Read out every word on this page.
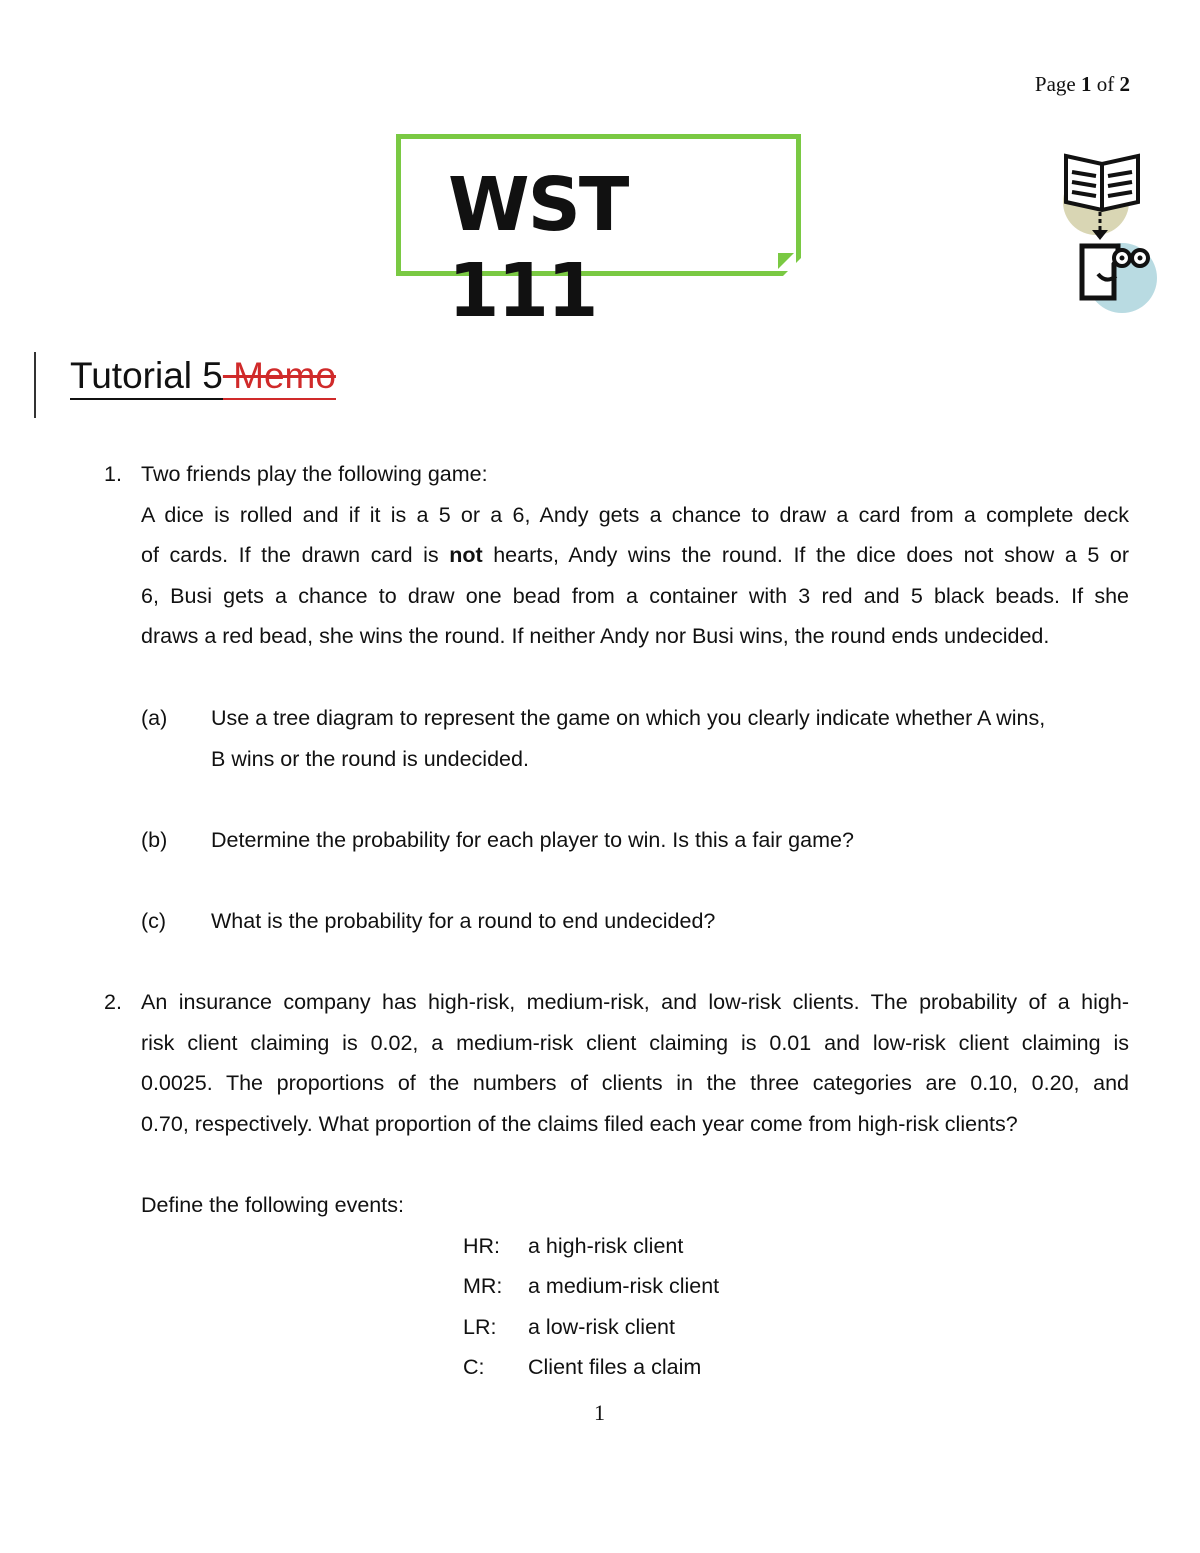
Page 1 of 2
WST 111
Tutorial 5 Memo
1. Two friends play the following game:
A dice is rolled and if it is a 5 or a 6, Andy gets a chance to draw a card from a complete deck
of cards. If the drawn card is not hearts, Andy wins the round. If the dice does not show a 5 or
6, Busi gets a chance to draw one bead from a container with 3 red and 5 black beads. If she
draws a red bead, she wins the round. If neither Andy nor Busi wins, the round ends undecided.
(a) Use a tree diagram to represent the game on which you clearly indicate whether A wins,
B wins or the round is undecided.
(b) Determine the probability for each player to win. Is this a fair game?
(c) What is the probability for a round to end undecided?
2. An insurance company has high-risk, medium-risk, and low-risk clients. The probability of a high-
risk client claiming is 0.02, a medium-risk client claiming is 0.01 and low-risk client claiming is
0.0025. The proportions of the numbers of clients in the three categories are 0.10, 0.20, and
0.70, respectively. What proportion of the claims filed each year come from high-risk clients?
Define the following events:
HR: a high-risk client
MR: a medium-risk client
LR: a low-risk client
C: Client files a claim
1
